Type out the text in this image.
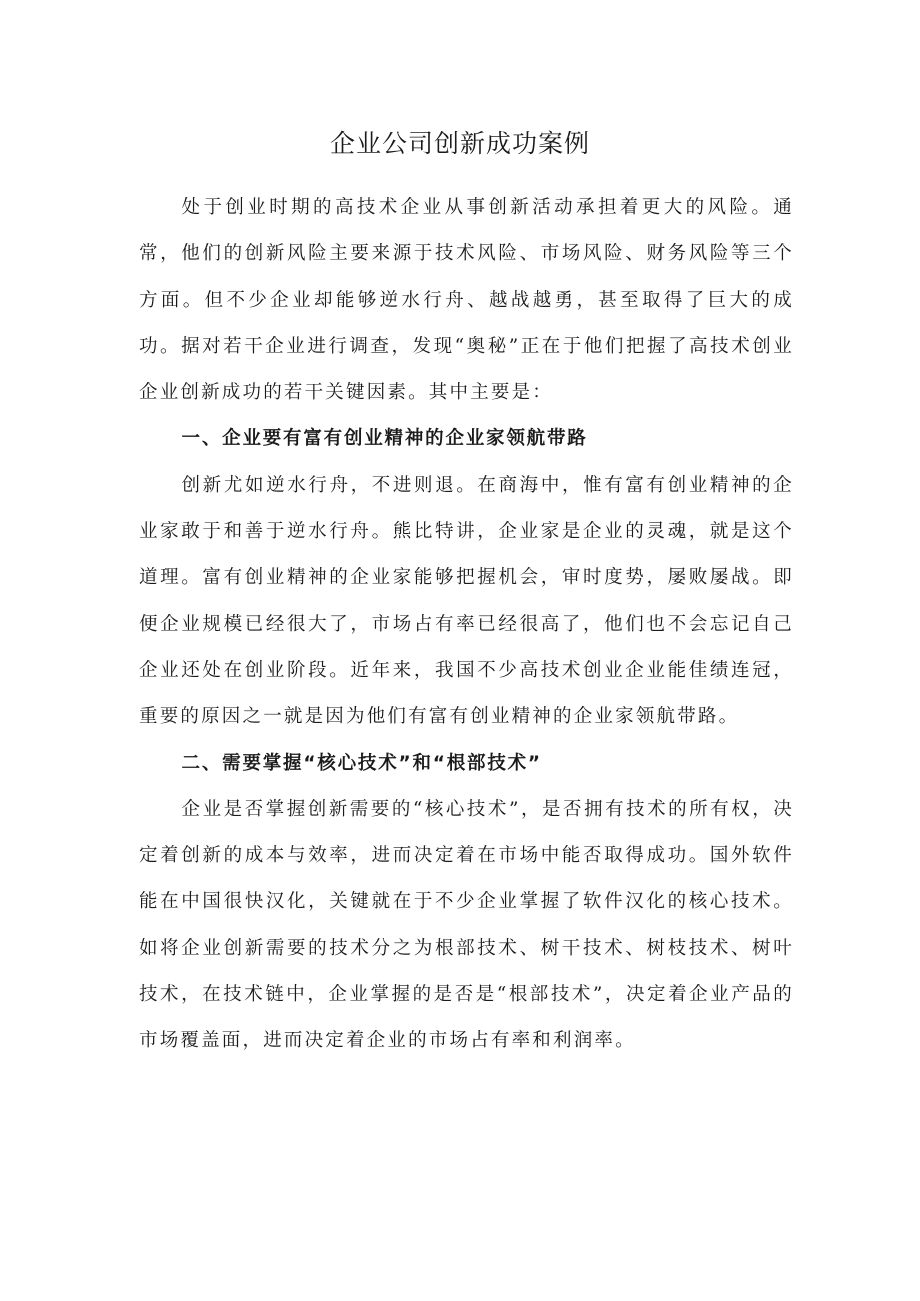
企业公司创新成功案例

处于创业时期的高技术企业从事创新活动承担着更大的风险。通常，他们的创新风险主要来源于技术风险、市场风险、财务风险等三个方面。但不少企业却能够逆水行舟、越战越勇，甚至取得了巨大的成功。据对若干企业进行调查，发现“奥秘”正在于他们把握了高技术创业企业创新成功的若干关键因素。其中主要是：

一、企业要有富有创业精神的企业家领航带路

创新尤如逆水行舟，不进则退。在商海中，惟有富有创业精神的企业家敢于和善于逆水行舟。熊比特讲，企业家是企业的灵魂，就是这个道理。富有创业精神的企业家能够把握机会，审时度势，屡败屡战。即便企业规模已经很大了，市场占有率已经很高了，他们也不会忘记自己企业还处在创业阶段。近年来，我国不少高技术创业企业能佳绩连冠，重要的原因之一就是因为他们有富有创业精神的企业家领航带路。

二、需要掌握“核心技术”和“根部技术”

企业是否掌握创新需要的“核心技术”，是否拥有技术的所有权，决定着创新的成本与效率，进而决定着在市场中能否取得成功。国外软件能在中国很快汉化，关键就在于不少企业掌握了软件汉化的核心技术。如将企业创新需要的技术分之为根部技术、树干技术、树枝技术、树叶技术，在技术链中，企业掌握的是否是“根部技术”，决定着企业产品的市场覆盖面，进而决定着企业的市场占有率和利润率。
